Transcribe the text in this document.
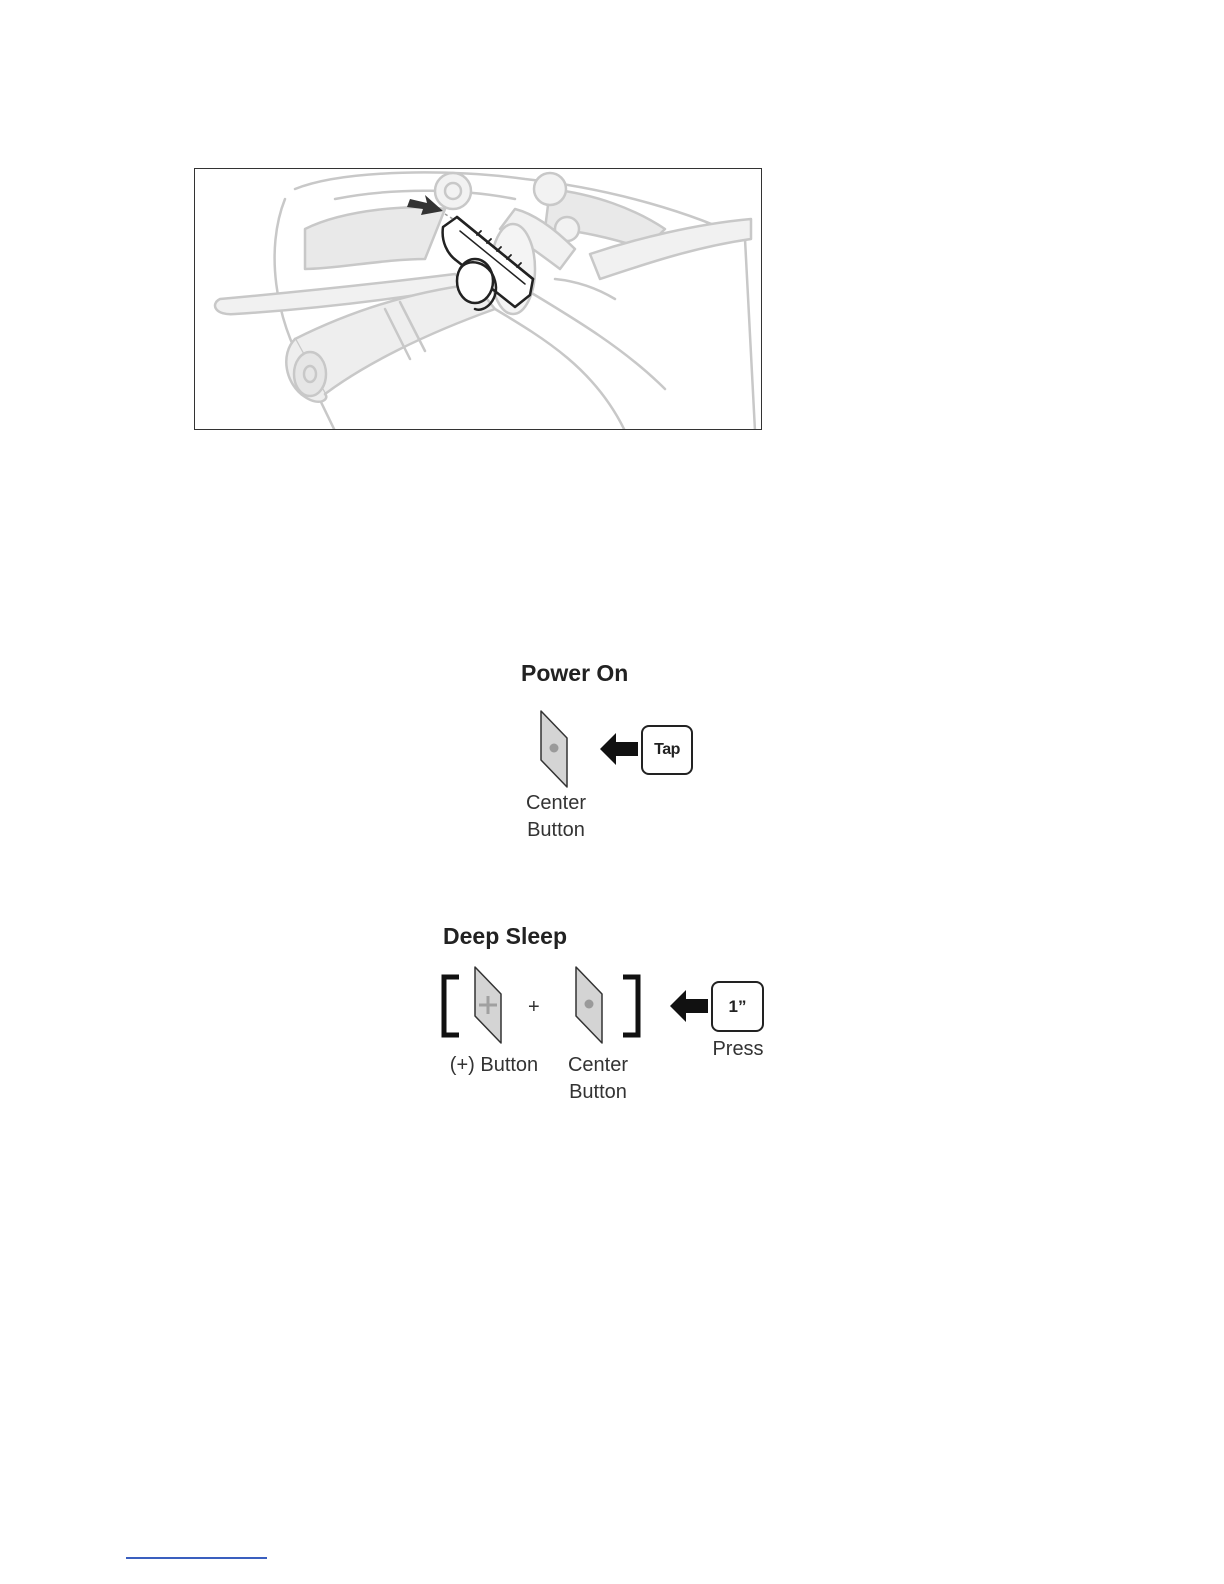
Power On
Tap
Center
Button
Deep Sleep
+	1”
Press
(+) Button	Center
Button
